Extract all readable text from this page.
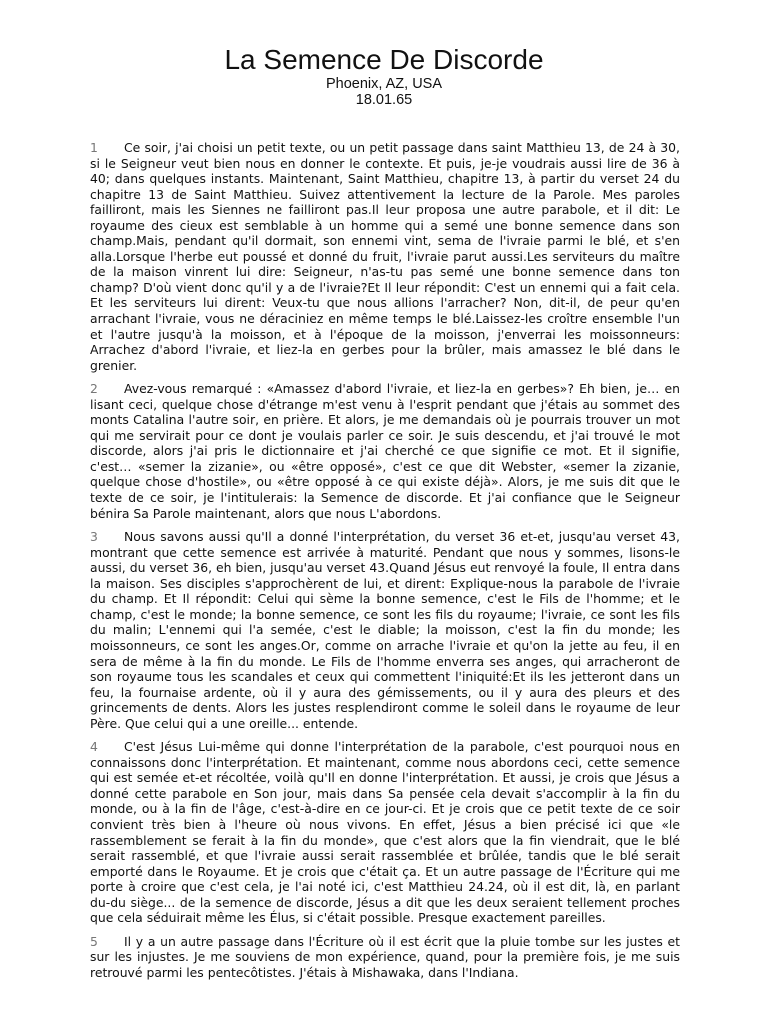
La Semence De Discorde

Phoenix, AZ, USA

18.01.65

1 Ce soir, j'ai choisi un petit texte, ou un petit passage dans saint Matthieu 13, de 24 à 30, si le Seigneur veut bien nous en donner le contexte. Et puis, je-je voudrais aussi lire de 36 à 40; dans quelques instants. Maintenant, Saint Matthieu, chapitre 13, à partir du verset 24 du chapitre 13 de Saint Matthieu. Suivez attentivement la lecture de la Parole. Mes paroles failliront, mais les Siennes ne failliront pas.Il leur proposa une autre parabole, et il dit: Le royaume des cieux est semblable à un homme qui a semé une bonne semence dans son champ.Mais, pendant qu'il dormait, son ennemi vint, sema de l'ivraie parmi le blé, et s'en alla.Lorsque l'herbe eut poussé et donné du fruit, l'ivraie parut aussi.Les serviteurs du maître de la maison vinrent lui dire: Seigneur, n'as-tu pas semé une bonne semence dans ton champ? D'où vient donc qu'il y a de l'ivraie?Et Il leur répondit: C'est un ennemi qui a fait cela. Et les serviteurs lui dirent: Veux-tu que nous allions l'arracher? Non, dit-il, de peur qu'en arrachant l'ivraie, vous ne déraciniez en même temps le blé.Laissez-les croître ensemble l'un et l'autre jusqu'à la moisson, et à l'époque de la moisson, j'enverrai les moissonneurs: Arrachez d'abord l'ivraie, et liez-la en gerbes pour la brûler, mais amassez le blé dans le grenier.

2 Avez-vous remarqué : «Amassez d'abord l'ivraie, et liez-la en gerbes»? Eh bien, je… en lisant ceci, quelque chose d'étrange m'est venu à l'esprit pendant que j'étais au sommet des monts Catalina l'autre soir, en prière. Et alors, je me demandais où je pourrais trouver un mot qui me servirait pour ce dont je voulais parler ce soir. Je suis descendu, et j'ai trouvé le mot discorde, alors j'ai pris le dictionnaire et j'ai cherché ce que signifie ce mot. Et il signifie, c'est… «semer la zizanie», ou «être opposé», c'est ce que dit Webster, «semer la zizanie, quelque chose d'hostile», ou «être opposé à ce qui existe déjà». Alors, je me suis dit que le texte de ce soir, je l'intitulerais: la Semence de discorde. Et j'ai confiance que le Seigneur bénira Sa Parole maintenant, alors que nous L'abordons.

3 Nous savons aussi qu'Il a donné l'interprétation, du verset 36 et-et, jusqu'au verset 43, montrant que cette semence est arrivée à maturité. Pendant que nous y sommes, lisons-le aussi, du verset 36, eh bien, jusqu'au verset 43.Quand Jésus eut renvoyé la foule, Il entra dans la maison. Ses disciples s'approchèrent de lui, et dirent: Explique-nous la parabole de l'ivraie du champ. Et Il répondit: Celui qui sème la bonne semence, c'est le Fils de l'homme; et le champ, c'est le monde; la bonne semence, ce sont les fils du royaume; l'ivraie, ce sont les fils du malin; L'ennemi qui l'a semée, c'est le diable; la moisson, c'est la fin du monde; les moissonneurs, ce sont les anges.Or, comme on arrache l'ivraie et qu'on la jette au feu, il en sera de même à la fin du monde. Le Fils de l'homme enverra ses anges, qui arracheront de son royaume tous les scandales et ceux qui commettent l'iniquité:Et ils les jetteront dans un feu, la fournaise ardente, où il y aura des gémissements, ou il y aura des pleurs et des grincements de dents. Alors les justes resplendiront comme le soleil dans le royaume de leur Père. Que celui qui a une oreille... entende.

4 C'est Jésus Lui-même qui donne l'interprétation de la parabole, c'est pourquoi nous en connaissons donc l'interprétation. Et maintenant, comme nous abordons ceci, cette semence qui est semée et-et récoltée, voilà qu'Il en donne l'interprétation. Et aussi, je crois que Jésus a donné cette parabole en Son jour, mais dans Sa pensée cela devait s'accomplir à la fin du monde, ou à la fin de l'âge, c'est-à-dire en ce jour-ci. Et je crois que ce petit texte de ce soir convient très bien à l'heure où nous vivons. En effet, Jésus a bien précisé ici que «le rassemblement se ferait à la fin du monde», que c'est alors que la fin viendrait, que le blé serait rassemblé, et que l'ivraie aussi serait rassemblée et brûlée, tandis que le blé serait emporté dans le Royaume. Et je crois que c'était ça. Et un autre passage de l'Écriture qui me porte à croire que c'est cela, je l'ai noté ici, c'est Matthieu 24.24, où il est dit, là, en parlant du-du siège... de la semence de discorde, Jésus a dit que les deux seraient tellement proches que cela séduirait même les Élus, si c'était possible. Presque exactement pareilles.

5 Il y a un autre passage dans l'Écriture où il est écrit que la pluie tombe sur les justes et sur les injustes. Je me souviens de mon expérience, quand, pour la première fois, je me suis retrouvé parmi les pentecôtistes. J'étais à Mishawaka, dans l'Indiana.
